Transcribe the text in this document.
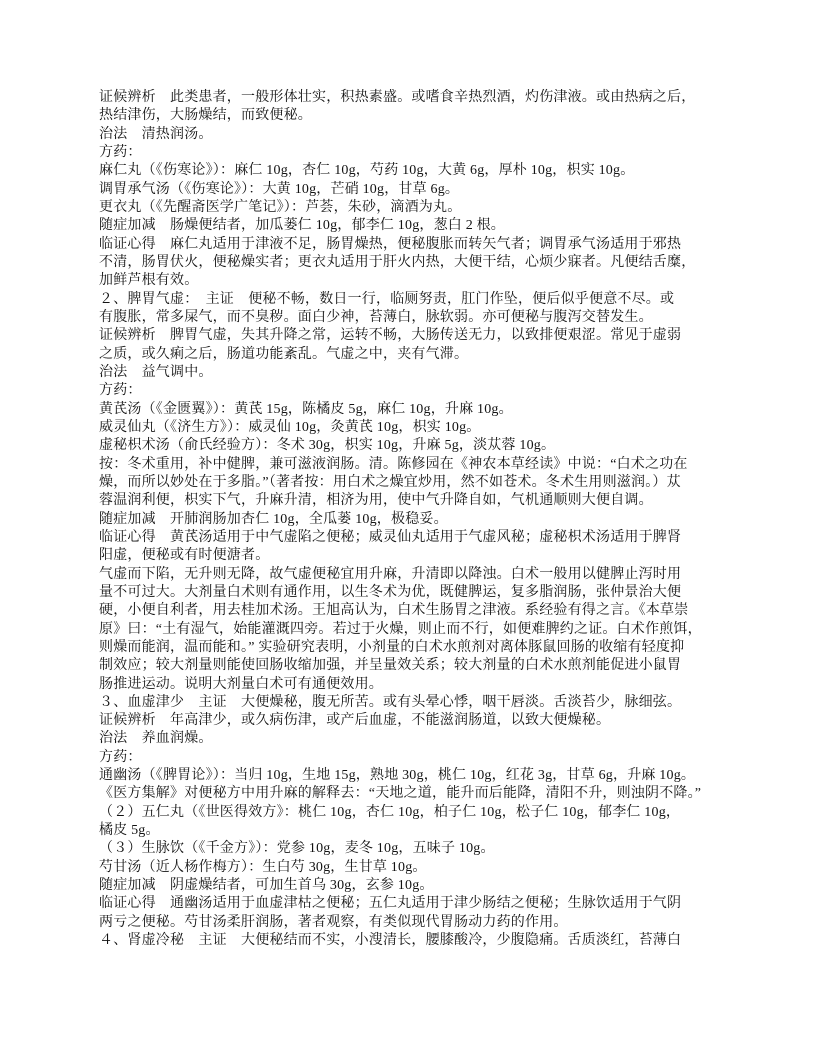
证候辨析　此类患者，一般形体壮实，积热素盛。或嗜食辛热烈酒，灼伤津液。或由热病之后，
热结津伤，大肠燥结，而致便秘。
治法　清热润汤。
方药：
麻仁丸（《伤寒论》）：麻仁 10g，杏仁 10g，芍药 10g，大黄 6g，厚朴 10g，枳实 10g。
调胃承气汤（《伤寒论》）：大黄 10g，芒硝 10g，甘草 6g。
更衣丸（《先醒斋医学广笔记》）：芦荟，朱砂，滴酒为丸。
随症加减　肠燥便结者，加瓜蒌仁 10g，郁李仁 10g，葱白 2 根。
临证心得　麻仁丸适用于津液不足，肠胃燥热，便秘腹胀而转矢气者；调胃承气汤适用于邪热
不清，肠胃伏火，便秘燥实者；更衣丸适用于肝火内热，大便干结，心烦少寐者。凡便结舌糜，
加鲜芦根有效。
２、脾胃气虚：　主证　便秘不畅，数日一行，临厕努责，肛门作坠，便后似乎便意不尽。或
有腹胀，常多屎气，而不臭秽。面白少神，苔薄白，脉软弱。亦可便秘与腹泻交替发生。
证候辨析　脾胃气虚，失其升降之常，运转不畅，大肠传送无力，以致排便艰涩。常见于虚弱
之质，或久痢之后，肠道功能紊乱。气虚之中，夹有气滞。
治法　益气调中。
方药：
黄芪汤（《金匮翼》）：黄芪 15g，陈橘皮 5g，麻仁 10g，升麻 10g。
威灵仙丸（《济生方》）：威灵仙 10g，灸黄芪 10g，枳实 10g。
虚秘枳术汤（俞氏经验方）：冬术 30g，枳实 10g，升麻 5g，淡苁蓉 10g。
按：冬术重用，补中健脾，兼可滋液润肠。清。陈修园在《神农本草经读》中说：“白术之功在
燥，而所以妙处在于多脂。”（著者按：用白术之燥宜炒用，然不如苍术。冬术生用则滋润。）苁
蓉温润利便，枳实下气，升麻升清，相济为用，使中气升降自如，气机通顺则大便自调。
随症加减　开肺润肠加杏仁 10g，全瓜蒌 10g，极稳妥。
临证心得　黄芪汤适用于中气虚陷之便秘；威灵仙丸适用于气虚风秘；虚秘枳术汤适用于脾肾
阳虚，便秘或有时便溏者。
气虚而下陷，无升则无降，故气虚便秘宜用升麻，升清即以降浊。白术一般用以健脾止泻时用
量不可过大。大剂量白术则有通作用，以生冬术为优，既健脾运，复多脂润肠，张仲景治大便
硬，小便自利者，用去桂加术汤。王旭高认为，白术生肠胃之津液。系经验有得之言。《本草崇
原》曰：“土有湿气，始能灌溉四旁。若过于火燥，则止而不行，如便难脾约之证。白术作煎饵，
则燥而能润，温而能和。” 实验研究表明，小剂量的白术水煎剂对离体豚鼠回肠的收缩有轻度抑
制效应；较大剂量则能使回肠收缩加强，并呈量效关系；较大剂量的白术水煎剂能促进小鼠胃
肠推进运动。说明大剂量白术可有通便效用。
３、血虚津少　主证　大便燥秘，腹无所苦。或有头晕心悸，咽干唇淡。舌淡苔少，脉细弦。
证候辨析　年高津少，或久病伤津，或产后血虚，不能滋润肠道，以致大便燥秘。
治法　养血润燥。
方药：
通幽汤（《脾胃论》）：当归 10g，生地 15g，熟地 30g，桃仁 10g，红花 3g，甘草 6g，升麻 10g。
《医方集解》对便秘方中用升麻的解释去：“天地之道，能升而后能降，清阳不升，则浊阴不降。”
（２）五仁丸（《世医得效方》：桃仁 10g，杏仁 10g，柏子仁 10g，松子仁 10g，郁李仁 10g，
橘皮 5g。
（３）生脉饮（《千金方》）：党参 10g，麦冬 10g，五味子 10g。
芍甘汤（近人杨作梅方）：生白芍 30g，生甘草 10g。
随症加减　阴虚燥结者，可加生首乌 30g，玄参 10g。
临证心得　通幽汤适用于血虚津枯之便秘；五仁丸适用于津少肠结之便秘；生脉饮适用于气阴
两亏之便秘。芍甘汤柔肝润肠，著者观察，有类似现代胃肠动力药的作用。
４、肾虚冷秘　主证　大便秘结而不实，小溲清长，腰膝酸冷，少腹隐痛。舌质淡红，苔薄白
